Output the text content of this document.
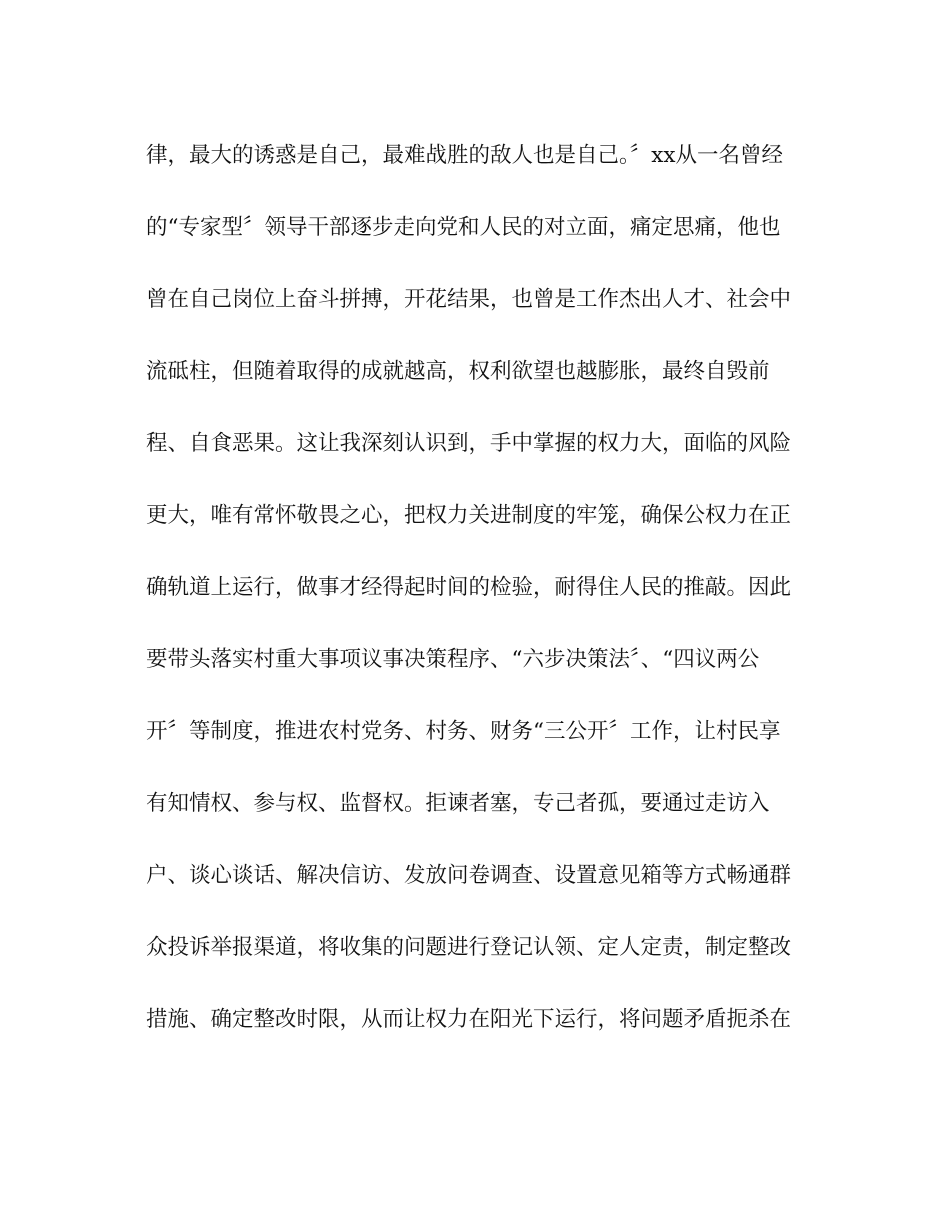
律，最大的诱惑是自己，最难战胜的敌人也是自己。〞xx从一名曾经
的“专家型〞领导干部逐步走向党和人民的对立面，痛定思痛，他也
曾在自己岗位上奋斗拼搏，开花结果，也曾是工作杰出人才、社会中
流砥柱，但随着取得的成就越高，权利欲望也越膨胀，最终自毁前
程、自食恶果。这让我深刻认识到，手中掌握的权力大，面临的风险
更大，唯有常怀敬畏之心，把权力关进制度的牢笼，确保公权力在正
确轨道上运行，做事才经得起时间的检验，耐得住人民的推敲。因此
要带头落实村重大事项议事决策程序、“六步决策法〞、“四议两公
开〞等制度，推进农村党务、村务、财务“三公开〞工作，让村民享
有知情权、参与权、监督权。拒谏者塞，专己者孤，要通过走访入
户、谈心谈话、解决信访、发放问卷调查、设置意见箱等方式畅通群
众投诉举报渠道，将收集的问题进行登记认领、定人定责，制定整改
措施、确定整改时限，从而让权力在阳光下运行，将问题矛盾扼杀在
